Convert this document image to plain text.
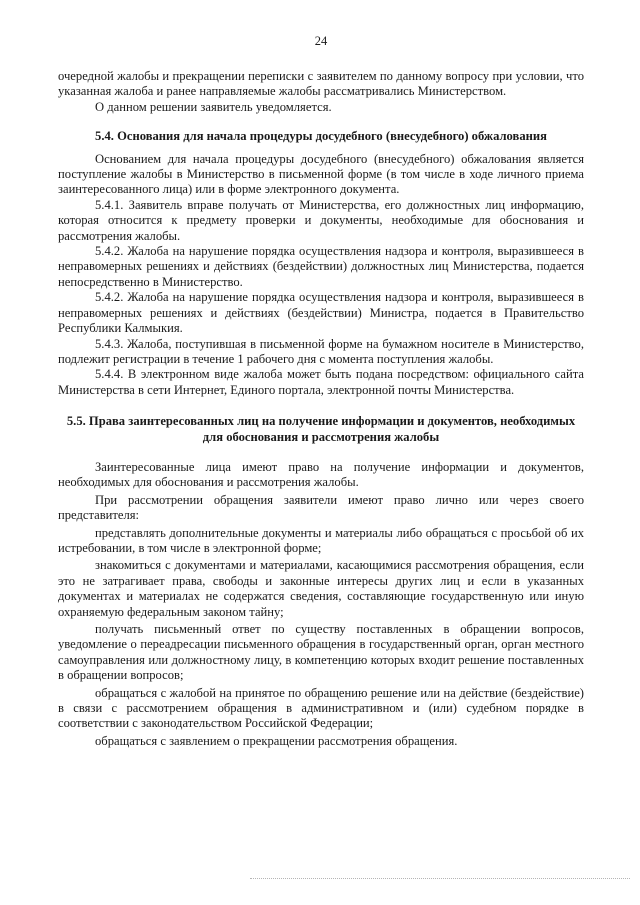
24

очередной жалобы и прекращении переписки с заявителем по данному вопросу при условии, что указанная жалоба и ранее направляемые жалобы рассматривались Министерством.

О данном решении заявитель уведомляется.

5.4. Основания для начала процедуры досудебного (внесудебного) обжалования

Основанием для начала процедуры досудебного (внесудебного) обжалования является поступление жалобы в Министерство в письменной форме (в том числе в ходе личного приема заинтересованного лица) или в форме электронного документа.

5.4.1. Заявитель вправе получать от Министерства, его должностных лиц информацию, которая относится к предмету проверки и документы, необходимые для обоснования и рассмотрения жалобы.

5.4.2. Жалоба на нарушение порядка осуществления надзора и контроля, выразившееся в неправомерных решениях и действиях (бездействии) должностных лиц Министерства, подается непосредственно в Министерство.

5.4.2. Жалоба на нарушение порядка осуществления надзора и контроля, выразившееся в неправомерных решениях и действиях (бездействии) Министра, подается в Правительство Республики Калмыкия.

5.4.3. Жалоба, поступившая в письменной форме на бумажном носителе в Министерство, подлежит регистрации в течение 1 рабочего дня с момента поступления жалобы.

5.4.4. В электронном виде жалоба может быть подана посредством: официального сайта Министерства в сети Интернет, Единого портала, электронной почты Министерства.

5.5. Права заинтересованных лиц на получение информации и документов, необходимых для обоснования и рассмотрения жалобы

Заинтересованные лица имеют право на получение информации и документов, необходимых для обоснования и рассмотрения жалобы.

При рассмотрении обращения заявители имеют право лично или через своего представителя:

представлять дополнительные документы и материалы либо обращаться с просьбой об их истребовании, в том числе в электронной форме;

знакомиться с документами и материалами, касающимися рассмотрения обращения, если это не затрагивает права, свободы и законные интересы других лиц и если в указанных документах и материалах не содержатся сведения, составляющие государственную или иную охраняемую федеральным законом тайну;

получать письменный ответ по существу поставленных в обращении вопросов, уведомление о переадресации письменного обращения в государственный орган, орган местного самоуправления или должностному лицу, в компетенцию которых входит решение поставленных в обращении вопросов;

обращаться с жалобой на принятое по обращению решение или на действие (бездействие) в связи с рассмотрением обращения в административном и (или) судебном порядке в соответствии с законодательством Российской Федерации;

обращаться с заявлением о прекращении рассмотрения обращения.
